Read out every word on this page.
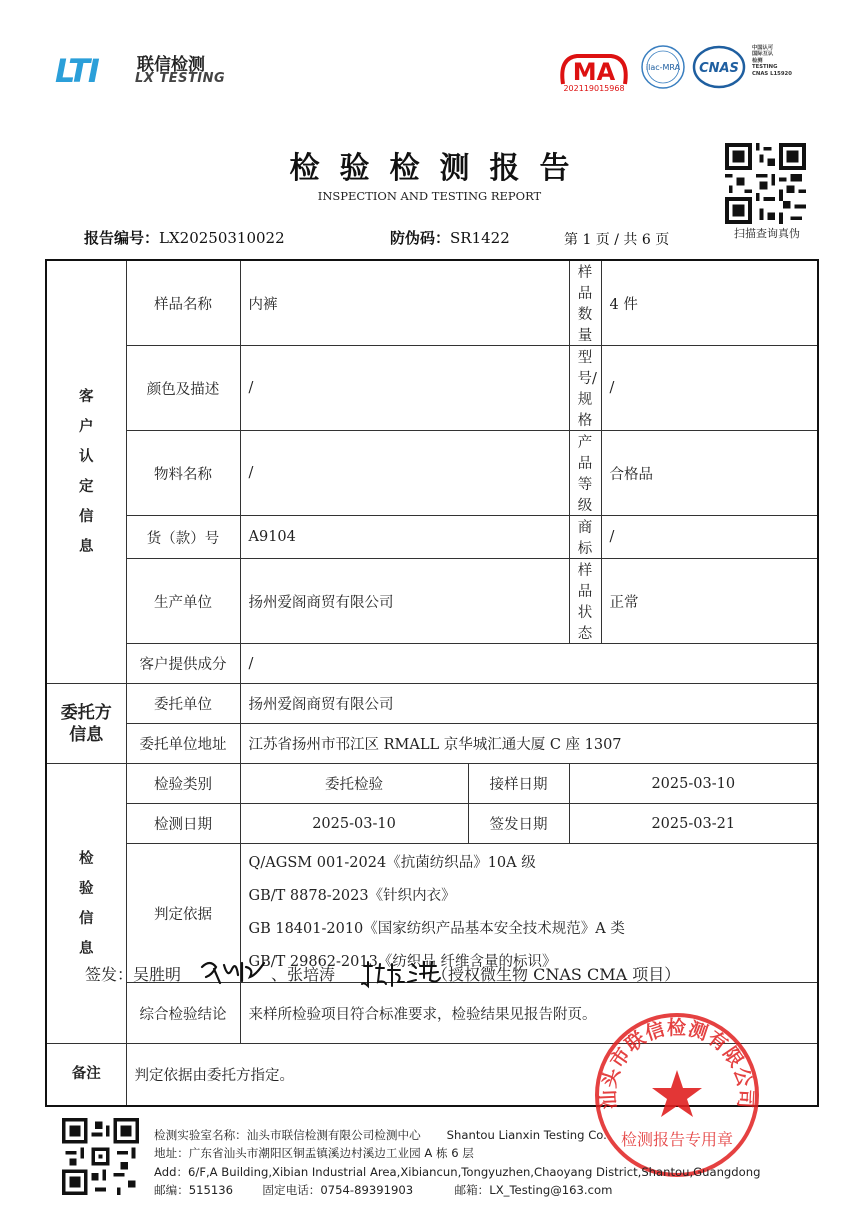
LTI 联信检测
LX TESTING	MA
202119015968
ilac-MRA CNAS
中国认可
国际互认
检测
TESTING
CNAS L15920
检验检测报告
INSPECTION AND TESTING REPORT
扫描查询真伪
报告编号：LX20250310022	防伪码：SR1422	第 1 页 / 共 6 页
客户认定信息	样品名称	内裤		样品数量	4 件
	颜色及描述	/		型号/规格	/
	物料名称	/		产品等级	合格品
	货（款）号	A9104		商标	/
	生产单位	扬州爱阁商贸有限公司		样品状态	正常
	客户提供成分	/			

委托方
信息	委托单位	扬州爱阁商贸有限公司			
	委托单位地址	江苏省扬州市邗江区 RMALL 京华城汇通大厦 C 座 1307			

检验信息	检验类别	委托检验	接样日期	2025-03-10	
	检测日期	2025-03-10	签发日期	2025-03-21	
	判定依据	Q/AGSM 001-2024《抗菌纺织品》10A 级
GB/T 8878-2023《针织内衣》
GB 18401-2010《国家纺织产品基本安全技术规范》A 类
GB/T 29862-2013《纺织品 纤维含量的标识》			

	综合检验结论	来样所检验项目符合标准要求，检验结果见报告附页。			
备注	判定依据由委托方指定。				
签发：吴胜明	、张培涛	（授权微生物 CNAS CMA 项目）
汕头市联信检测有限公司
检测报告专用章
检测实验室名称：汕头市联信检测有限公司检测中心 Shantou Lianxin Testing Co.
地址：广东省汕头市潮阳区铜盂镇溪边村溪边工业园 A 栋 6 层
Add：6/F,A Building,Xibian Industrial Area,Xibiancun,Tongyuzhen,Chaoyang District,Shantou,Guangdong
邮编：515136	固定电话：0754-89391903	邮箱：LX_Testing@163.com
